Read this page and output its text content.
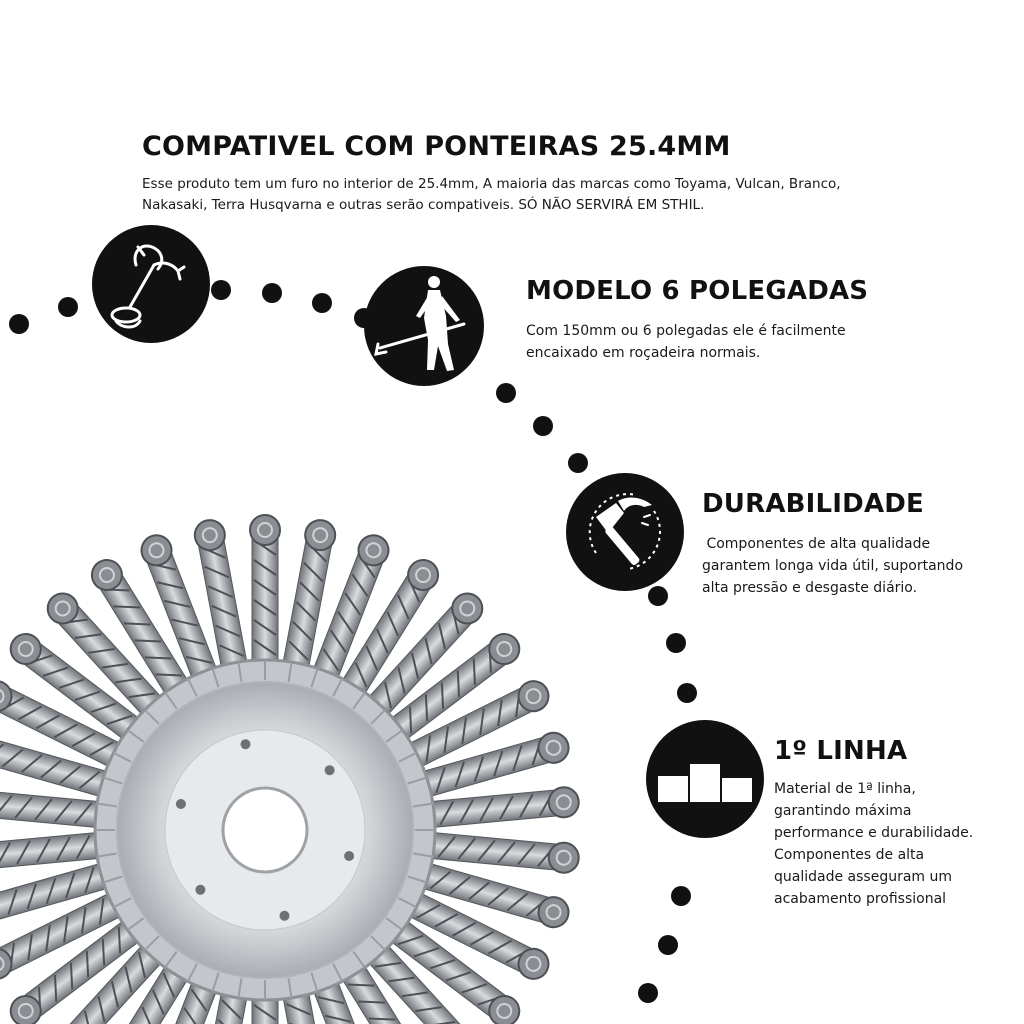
COMPATIVEL COM PONTEIRAS 25.4MM
Esse produto tem um furo no interior de 25.4mm, A maioria das marcas como Toyama, Vulcan, Branco,
Nakasaki, Terra Husqvarna e outras serão compativeis. SÓ NÃO SERVIRÁ EM STHIL.
MODELO 6 POLEGADAS
Com 150mm ou 6 polegadas ele é facilmente
encaixado em roçadeira normais.
DURABILIDADE
Componentes de alta qualidade
garantem longa vida útil, suportando
alta pressão e desgaste diário.
1º LINHA
Material de 1ª linha,
garantindo máxima
performance e durabilidade.
Componentes de alta
qualidade asseguram um
acabamento profissional
